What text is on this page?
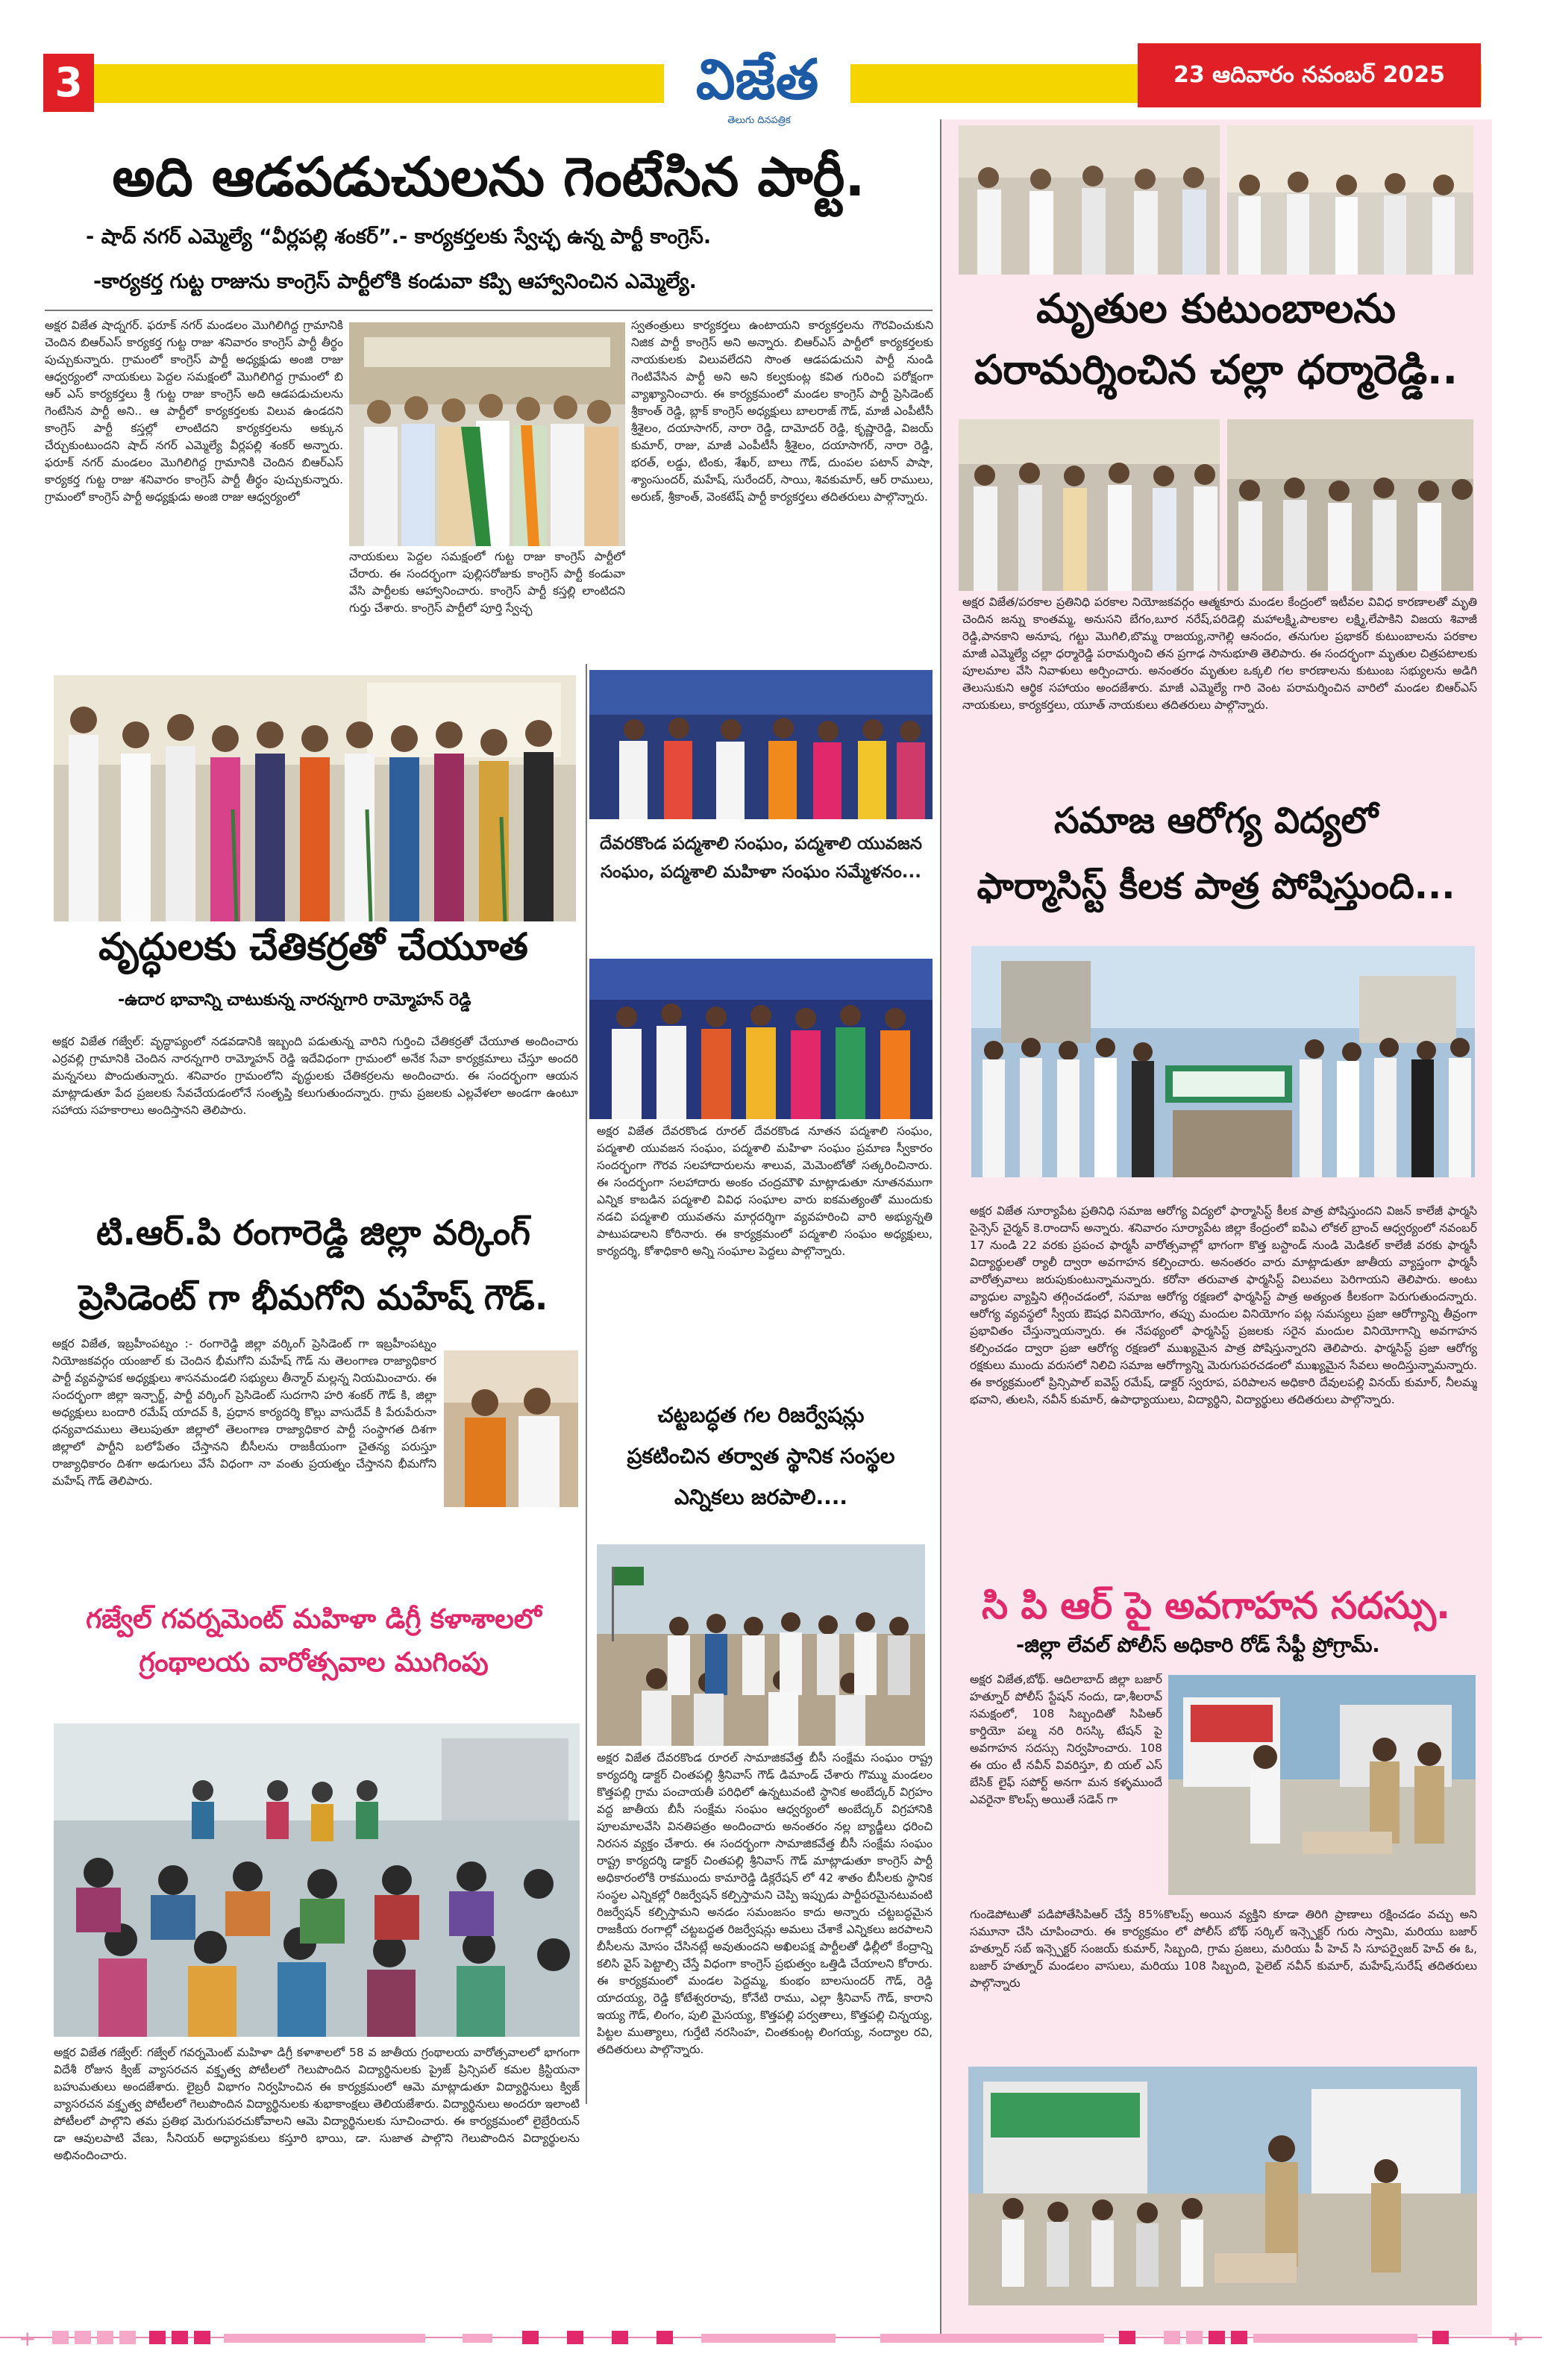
3	విజేత
తెలుగు దినపత్రిక
23 ఆదివారం నవంబర్ 2025
అది ఆడపడుచులను గెంటేసిన పార్టీ.
- షాద్ నగర్ ఎమ్మెల్యే “వీర్లపల్లి శంకర్”.- కార్యకర్తలకు స్వేచ్ఛ ఉన్న పార్టీ కాంగ్రెస్.
-కార్యకర్త గుట్ట రాజును కాంగ్రెస్ పార్టీలోకి కండువా కప్పి ఆహ్వానించిన ఎమ్మెల్యే.
అక్షర విజేత షాద్నగర్. ఫరూక్ నగర్ మండలం మొగిలిగిద్ద గ్రామానికి చెందిన బిఆర్ఎస్ కార్యకర్త గుట్ట రాజు శనివారం కాంగ్రెస్ పార్టీ తీర్థం పుచ్చుకున్నారు. గ్రామంలో కాంగ్రెస్ పార్టీ అధ్యక్షుడు అంజి రాజు ఆధ్వర్యంలో నాయకులు పెద్దల సమక్షంలో మొగిలిగిద్ద గ్రామంలో బి ఆర్ ఎస్ కార్యకర్తలు శ్రీ గుట్ట రాజు కాంగ్రెస్ అది ఆడపడుచులను గెంటేసిన పార్టీ అని.. ఆ పార్టీలో కార్యకర్తలకు విలువ ఉండదని కాంగ్రెస్ పార్టీ కస్తల్లో లాంటిదని కార్యకర్తలను అక్కున చేర్చుకుంటుందని షాద్ నగర్ ఎమ్మెల్యే వీర్లపల్లి శంకర్ అన్నారు. ఫరూక్ నగర్ మండలం మొగిలిగిద్ద గ్రామానికి చెందిన బిఆర్ఎస్ కార్యకర్త గుట్ట రాజు శనివారం కాంగ్రెస్ పార్టీ తీర్థం పుచ్చుకున్నారు. గ్రామంలో కాంగ్రెస్ పార్టీ అధ్యక్షుడు అంజి రాజు ఆధ్వర్యంలో
నాయకులు పెద్దల సమక్షంలో గుట్ట రాజు కాంగ్రెస్ పార్టీలో చేరారు. ఈ సందర్భంగా పుల్లిసరోజుకు కాంగ్రెస్ పార్టీ కండువా వేసి పార్టీలకు ఆహ్వానించారు. కాంగ్రెస్ పార్టీ కస్తల్లి లాంటిదని గుర్తు చేశారు. కాంగ్రెస్ పార్టీలో పూర్తి స్వేచ్ఛ
స్వతంత్రులు కార్యకర్తలు ఉంటాయని కార్యకర్తలను గౌరవించుకుని నిజిక పార్టీ కాంగ్రెస్ అని అన్నారు. బిఆర్ఎస్ పార్టీలో కార్యకర్తలకు నాయకులకు విలువలేదని సొంత ఆడపడుచుని పార్టీ నుండి గెంటివేసిన పార్టీ అని అని కల్వకుంట్ల కవిత గురించి పరోక్షంగా వ్యాఖ్యానించారు. ఈ కార్యక్రమంలో మండల కాంగ్రెస్ పార్టీ ప్రెసిడెంట్ శ్రీకాంత్ రెడ్డి, బ్లాక్ కాంగ్రెస్ అధ్యక్షులు బాలరాజ్ గౌడ్, మాజీ ఎంపీటీసీ శ్రీశైలం, దయాసాగర్, నారా రెడ్డి, దామోదర్ రెడ్డి, కృష్ణారెడ్డి, విజయ్ కుమార్, రాజు, మాజీ ఎంపీటీసీ శ్రీశైలం, దయాసాగర్, నారా రెడ్డి, భరత్, లడ్డు, టింకు, శేఖర్, బాలు గౌడ్, దుంపల పటాన్ పాషా, శ్యాంసుందర్, మహేష్, సురేందర్, సాయి, శివకుమార్, ఆర్ రాములు, అరుణ్, శ్రీకాంత్, వెంకటేష్ పార్టీ కార్యకర్తలు తదితరులు పాల్గొన్నారు.
మృతుల కుటుంబాలను
పరామర్శించిన చల్లా ధర్మారెడ్డి..
అక్షర విజేత/పరకాల ప్రతినిధి పరకాల నియోజకవర్గం ఆత్మకూరు మండల కేంద్రంలో ఇటీవల వివిధ కారణాలతో మృతి చెందిన జన్ను కాంతమ్మ, అనుసని బేగం,బూర నరేష్,పరిడెల్లి మహాలక్ష్మి,పాలకాల లక్ష్మి,లేపాకిని విజయ శివాజీ రెడ్డి,పానకాని అనూష, గట్టు మొగిలి,బొమ్మ రాజయ్య,నాగెల్లి ఆనందం, తనుగుల ప్రభాకర్ కుటుంబాలను పరకాల మాజీ ఎమ్మెల్యే చల్లా ధర్మారెడ్డి పరామర్శించి తన ప్రగాఢ సానుభూతి తెలిపారు. ఈ సందర్భంగా మృతుల చిత్రపటాలకు పూలమాల వేసి నివాళులు అర్పించారు. అనంతరం మృతుల ఒక్కలి గల కారణాలను కుటుంబ సభ్యులను అడిగి తెలుసుకుని ఆర్థిక సహాయం అందజేశారు. మాజీ ఎమ్మెల్యే గారి వెంట పరామర్శించిన వారిలో మండల బిఆర్ఎస్ నాయకులు, కార్యకర్తలు, యూత్ నాయకులు తదితరులు పాల్గొన్నారు.
వృద్ధులకు చేతికర్రతో చేయూత
-ఉదార భావాన్ని చాటుకున్న నారన్నగారి రామ్మోహన్ రెడ్డి
అక్షర విజేత గజ్వేల్: వృద్ధాప్యంలో నడవడానికి ఇబ్బంది పడుతున్న వారిని గుర్తించి చేతికర్రతో చేయూత అందించారు ఎర్రవల్లి గ్రామానికి చెందిన నారన్నగారి రామ్మోహన్ రెడ్డి ఇదేవిధంగా గ్రామంలో అనేక సేవా కార్యక్రమాలు చేస్తూ అందరి మన్ననలు పొందుతున్నారు. శనివారం గ్రామంలోని వృద్ధులకు చేతికర్రలను అందించారు. ఈ సందర్భంగా ఆయన మాట్లాడుతూ పేద ప్రజలకు సేవచేయడంలోనే సంతృప్తి కలుగుతుందన్నారు. గ్రామ ప్రజలకు ఎల్లవేళలా అండగా ఉంటూ సహాయ సహకారాలు అందిస్తానని తెలిపారు.
టి.ఆర్.పి రంగారెడ్డి జిల్లా వర్కింగ్
ప్రెసిడెంట్ గా భీమగోని మహేష్ గౌడ్.
అక్షర విజేత, ఇబ్రహీంపట్నం :- రంగారెడ్డి జిల్లా వర్కింగ్ ప్రెసిడెంట్ గా ఇబ్రహీంపట్నం నియోజకవర్గం యంజాల్ కు చెందిన భీమగోని మహేష్ గౌడ్ ను తెలంగాణ రాజ్యాధికార పార్టీ వ్యవస్థాపక అధ్యక్షులు శాసనమండలి సభ్యులు తీన్మార్ మల్లన్న నియమించారు. ఈ సందర్భంగా జిల్లా ఇన్చార్జ్, పార్టీ వర్కింగ్ ప్రెసిడెంట్ సుదగాని హరి శంకర్ గౌడ్ కి, జిల్లా అధ్యక్షులు బందారి రమేష్ యాదవ్ కి, ప్రధాన కార్యదర్శి కొల్లు వాసుదేవ్ కి పేరుపేరునా ధన్యవాదములు తెలుపుతూ జిల్లాలో తెలంగాణ రాజ్యాధికార పార్టీ సంస్థాగత దిశగా జిల్లాలో పార్టీని బలోపేతం చేస్తానని బీసీలను రాజకీయంగా చైతన్య పరుస్తూ రాజ్యాధికారం దిశగా అడుగులు వేసే విధంగా నా వంతు ప్రయత్నం చేస్తానని భీమగోని మహేష్ గౌడ్ తెలిపారు.
గజ్వేల్ గవర్నమెంట్ మహిళా డిగ్రీ కళాశాలలో
గ్రంథాలయ వారోత్సవాల ముగింపు
అక్షర విజేత గజ్వేల్: గజ్వేల్ గవర్నమెంట్ మహిళా డిగ్రీ కళాశాలలో 58 వ జాతీయ గ్రంథాలయ వారోత్సవాలలో భాగంగా విదేశీ రోజున క్విజ్ వ్యాసరచన వక్తృత్వ పోటీలలో గెలుపొందిన విద్యార్థినులకు ప్రైజ్ ప్రిన్సిపల్ కమల క్రిస్టియనా బహుమతులు అందజేశారు. లైబ్రరీ విభాగం నిర్వహించిన ఈ కార్యక్రమంలో ఆమె మాట్లాడుతూ విద్యార్థినులు క్విజ్ వ్యాసరచన వక్తృత్వ పోటీలలో గెలుపొందిన విద్యార్థినులకు శుభాకాంక్షలు తెలియజేశారు. విద్యార్థినులు అందరూ ఇలాంటి పోటీలలో పాల్గొని తమ ప్రతిభ మెరుగుపరచుకోవాలని ఆమె విద్యార్థినులకు సూచించారు. ఈ కార్యక్రమంలో లైబ్రేరియన్ డా ఆవులపాటి వేణు, సీనియర్ అధ్యాపకులు కస్తూరి భాయి, డా. సుజాత పాల్గొని గెలుపొందిన విద్యార్థులను అభినందించారు.
దేవరకొండ పద్మశాలి సంఘం, పద్మశాలి యువజన సంఘం, పద్మశాలి మహిళా సంఘం సమ్మేళనం...
అక్షర విజేత దేవరకొండ రూరల్ దేవరకొండ నూతన పద్మశాలి సంఘం, పద్మశాలి యువజన సంఘం, పద్మశాలి మహిళా సంఘం ప్రమాణ స్వీకారం సందర్భంగా గౌరవ సలహాదారులను శాలువ, మెమెంటోతో సత్కరించినారు. ఈ సందర్భంగా సలహాదారు అంకం చంద్రమౌళి మాట్లాడుతూ నూతనముగా ఎన్నిక కాబడిన పద్మశాలి వివిధ సంఘాల వారు ఐకమత్యంతో ముందుకు నడచి పద్మశాలి యువతను మార్గదర్శిగా వ్యవహరించి వారి అభ్యున్నతి పాటుపడాలని కోరినారు. ఈ కార్యక్రమంలో పద్మశాలి సంఘం అధ్యక్షులు, కార్యదర్శి, కోశాధికారి అన్ని సంఘాల పెద్దలు పాల్గొన్నారు.
చట్టబద్ధత గల రిజర్వేషన్లు
ప్రకటించిన తర్వాత స్థానిక సంస్థల
ఎన్నికలు జరపాలి....
అక్షర విజేత దేవరకొండ రూరల్ సామాజికవేత్త బీసీ సంక్షేమ సంఘం రాష్ట్ర కార్యదర్శి డాక్టర్ చింతపల్లి శ్రీనివాస్ గౌడ్ డిమాండ్ చేశారు గొమ్ము మండలం కొత్తపల్లి గ్రామ పంచాయతీ పరిధిలో ఉన్నటువంటి స్థానిక అంబేద్కర్ విగ్రహం వద్ద జాతీయ బీసీ సంక్షేమ సంఘం ఆధ్వర్యంలో అంబేద్కర్ విగ్రహానికి పూలమాలవేసి వినతిపత్రం అందించారు అనంతరం నల్ల బ్యాడ్జీలు ధరించి నిరసన వ్యక్తం చేశారు. ఈ సందర్భంగా సామాజికవేత్త బీసీ సంక్షేమ సంఘం రాష్ట్ర కార్యదర్శి డాక్టర్ చింతపల్లి శ్రీనివాస్ గౌడ్ మాట్లాడుతూ కాంగ్రెస్ పార్టీ అధికారంలోకి రాకముందు కామారెడ్డి డిక్లరేషన్ లో 42 శాతం బీసీలకు స్థానిక సంస్థల ఎన్నికల్లో రిజర్వేషన్ కల్పిస్తామని చెప్పి ఇప్పుడు పార్టీపరమైనటువంటి రిజర్వేషన్ కల్పిస్తామని అనడం సమంజసం కాదు అన్నారు చట్టబద్ధమైన రాజకీయ రంగాల్లో చట్టబద్ధత రిజర్వేషన్లు అమలు చేశాకే ఎన్నికలు జరపాలని బీసీలను మోసం చేసినట్లే అవుతుందని అఖిలపక్ష పార్టీలతో ఢిల్లీలో కేంద్రాన్ని కలిసి వైస్ పెట్టాల్సి చేస్తే విధంగా కాంగ్రెస్ ప్రభుత్వం ఒత్తిడి చేయాలని కోరారు. ఈ కార్యక్రమంలో మండల పెద్దమ్మ, కుంభం బాలసుందర్ గౌడ్, రెడ్డి యాదయ్య, రెడ్డి కోటేశ్వరరావు, కోనేటి రాము, ఎల్లా శ్రీనివాస్ గౌడ్, కారాని ఇయ్య గౌడ్, లింగం, పులి మైసయ్య, కొత్తపల్లి పర్వతాలు, కొత్తపల్లి చిన్నయ్య, పిట్టల ముత్యాలు, గుర్తేటి నరసింహ, చింతకుంట్ల లింగయ్య, నంద్యాల రవి, తదితరులు పాల్గొన్నారు.
సమాజ ఆరోగ్య విద్యలో
ఫార్మాసిస్ట్ కీలక పాత్ర పోషిస్తుంది...
అక్షర విజేత సూర్యాపేట ప్రతినిధి సమాజ ఆరోగ్య విద్యలో ఫార్మాసిస్ట్ కీలక పాత్ర పోషిస్తుందని విజన్ కాలేజీ ఫార్మసి సైన్సెస్ చైర్మన్ కె.రాందాస్ అన్నారు. శనివారం సూర్యాపేట జిల్లా కేంద్రంలో ఐపిఎ లోకల్ బ్రాంచ్ ఆధ్వర్యంలో నవంబర్ 17 నుండి 22 వరకు ప్రపంచ ఫార్మసీ వారోత్సవాల్లో భాగంగా కొత్త బస్టాండ్ నుండి మెడికల్ కాలేజీ వరకు ఫార్మసీ విద్యార్థులతో ర్యాలీ ద్వారా అవగాహన కల్పించారు. అనంతరం వారు మాట్లాడుతూ జాతీయ వ్యాప్తంగా ఫార్మసీ వారోత్సవాలు జరుపుకుంటున్నామన్నారు. కరోనా తరువాత ఫార్మసిస్ట్ విలువలు పెరిగాయని తెలిపారు. అంటు వ్యాధుల వ్యాప్తిని తగ్గించడంలో, సమాజ ఆరోగ్య రక్షణలో ఫార్మసిస్ట్ పాత్ర అత్యంత కీలకంగా పెరుగుతుందన్నారు. ఆరోగ్య వ్యవస్థలో స్వీయ ఔషధ వినియోగం, తప్పు మందుల వినియోగం పట్ల సమస్యలు ప్రజా ఆరోగ్యాన్ని తీవ్రంగా ప్రభావితం చేస్తున్నాయన్నారు. ఈ నేపథ్యంలో ఫార్మసిస్ట్ ప్రజలకు సరైన మందుల వినియోగాన్ని అవగాహన కల్పించడం ద్వారా ప్రజా ఆరోగ్య రక్షణలో ముఖ్యమైన పాత్ర పోషిస్తున్నారని తెలిపారు. ఫార్మసిస్ట్ ప్రజా ఆరోగ్య రక్షకులు ముందు వరుసలో నిలిచి సమాజ ఆరోగ్యాన్ని మెరుగుపరచడంలో ముఖ్యమైన సేవలు అందిస్తున్నామన్నారు. ఈ కార్యక్రమంలో ప్రిన్సిపాల్ ఐవెస్ట్ రమేష్, డాక్టర్ స్వరూప, పరిపాలన అధికారి దేవులపల్లి వినయ్ కుమార్, నీలమ్మ భవాని, తులసి, నవీన్ కుమార్, ఉపాధ్యాయులు, విద్యార్థిని, విద్యార్థులు తదితరులు పాల్గొన్నారు.
సి పి ఆర్ పై అవగాహన సదస్సు.
-జిల్లా లేవల్ పోలీస్ అధికారి రోడ్ సేఫ్టీ ప్రోగ్రామ్.
అక్షర విజేత,బోథ్. ఆదిలాబాద్ జిల్లా బజార్ హత్నూర్ పోలీస్ స్టేషన్ నందు, డా,శీలరావ్ సమక్షంలో, 108 సిబ్బందితో సిపిఆర్ కార్డియో పల్మ నరి రిసస్కి టేషన్ పై అవగాహన సదస్సు నిర్వహించారు. 108 ఈ యం టీ నవీన్ వివరిస్తూ, బి యల్ ఎస్ బేసిక్ లైఫ్ సపోర్ట్ అనగా మన కళ్ళముందే ఎవరైనా కొలప్స్ అయితే సడెన్ గా
గుండెపోటుతో పడిపోతేసిపిఆర్ చేస్తే 85%కొలప్స్ అయిన వ్యక్తిని కూడా తిరిగి ప్రాణాలు రక్షించడం వచ్చు అని సమూనా చేసి చూపించారు. ఈ కార్యక్రమం లో పోలీస్ బోథ్ సర్కిల్ ఇన్స్పెక్టర్ గురు స్వామి, మరియు బజార్ హత్నూర్ సబ్ ఇన్స్పెక్టర్ సంజయ్ కుమార్, సిబ్బంది, గ్రామ ప్రజలు, మరియు పీ హెచ్ సి సూపర్వైజర్ హెచ్ ఈ ఓ, బజార్ హత్నూర్ మండలం వాసులు, మరియు 108 సిబ్బంది, పైలెట్ నవీన్ కుమార్, మహేష్,సురేష్ తదితరులు పాల్గొన్నారు
+	+
